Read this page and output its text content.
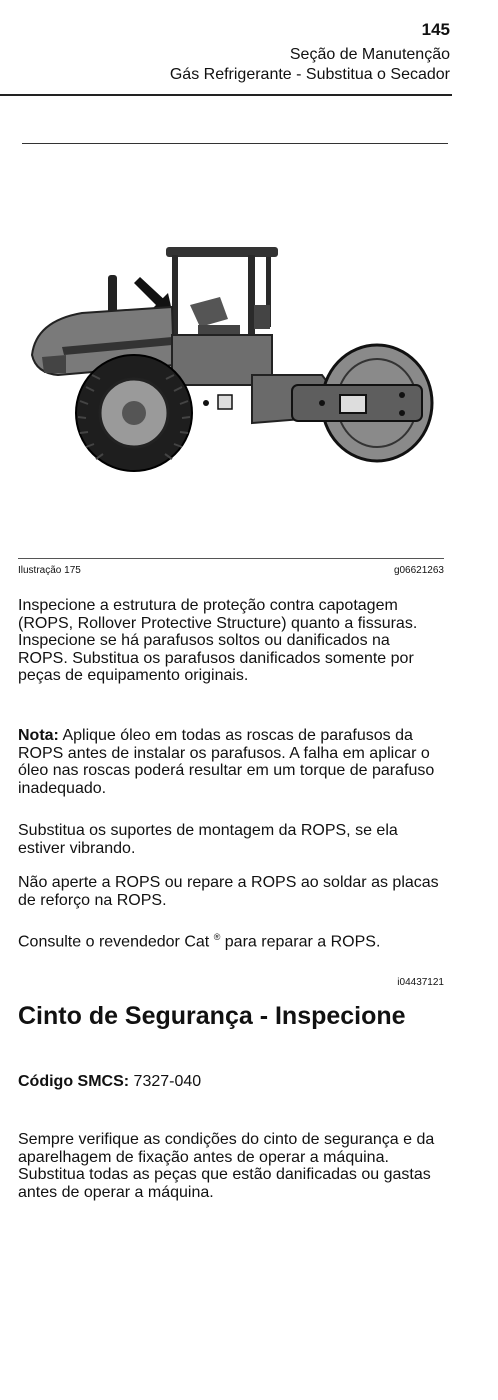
145
Seção de Manutenção
Gás Refrigerante - Substitua o Secador
Ilustração 175	g06621263

Inspecione a estrutura de proteção contra capotagem (ROPS, Rollover Protective Structure) quanto a fissuras. Inspecione se há parafusos soltos ou danificados na ROPS. Substitua os parafusos danificados somente por peças de equipamento originais.

Nota: Aplique óleo em todas as roscas de parafusos da ROPS antes de instalar os parafusos. A falha em aplicar o óleo nas roscas poderá resultar em um torque de parafuso inadequado.

Substitua os suportes de montagem da ROPS, se ela estiver vibrando.

Não aperte a ROPS ou repare a ROPS ao soldar as placas de reforço na ROPS.

Consulte o revendedor Cat ® para reparar a ROPS.

i04437121
Cinto de Segurança - Inspecione
Código SMCS: 7327-040

Sempre verifique as condições do cinto de segurança e da aparelhagem de fixação antes de operar a máquina. Substitua todas as peças que estão danificadas ou gastas antes de operar a máquina.
